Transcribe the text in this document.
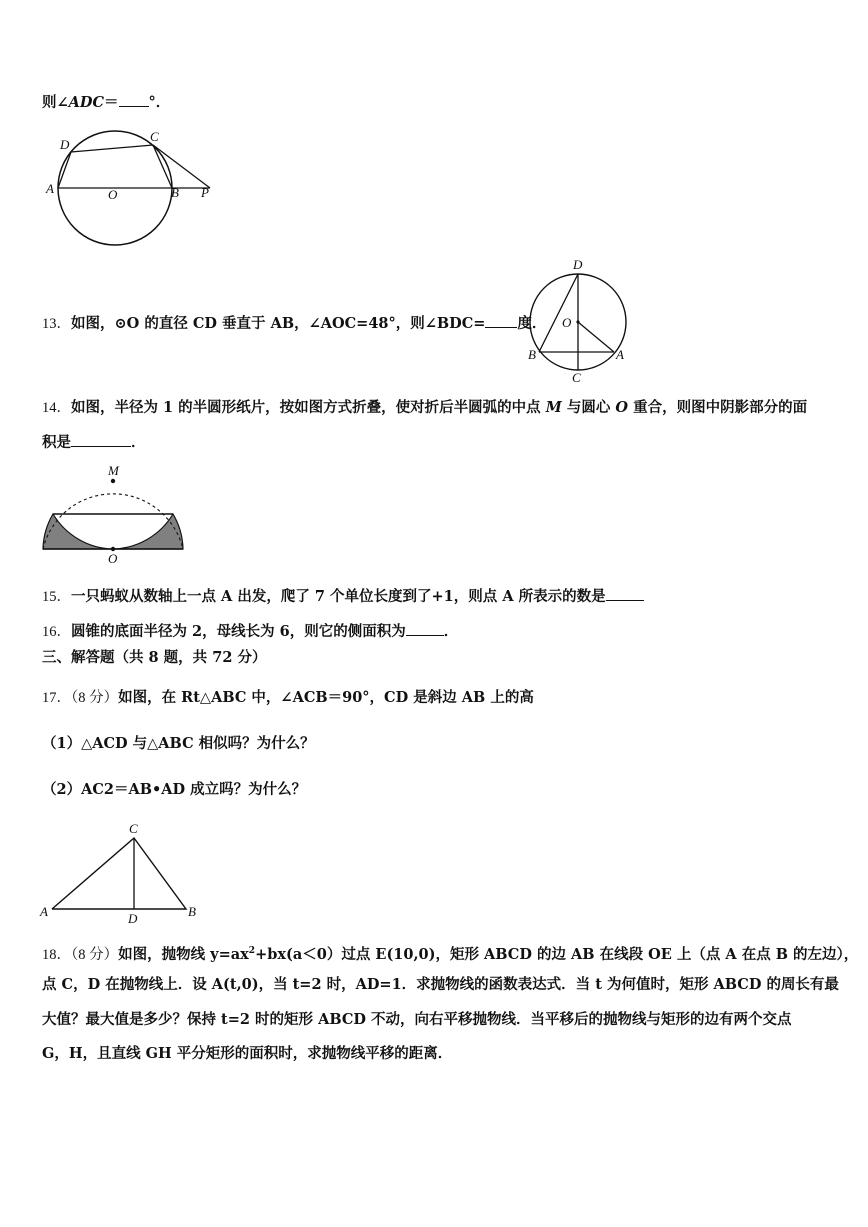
则∠ADC＝ °．
A
D
C
O	B P
13．如图，⊙O 的直径 CD 垂直于 AB，∠AOC=48°，则∠BDC= 度．
D
O
B	A
C
14．如图，半径为 1 的半圆形纸片，按如图方式折叠，使对折后半圆弧的中点 M 与圆心 O 重合，则图中阴影部分的面
积是	．
M
O
15．一只蚂蚁从数轴上一点 A 出发，爬了 7 个单位长度到了+1，则点 A 所表示的数是
16．圆锥的底面半径为 2，母线长为 6，则它的侧面积为	．
三、解答题（共 8 题，共 72 分）
17．（8 分）如图，在 Rt△ABC 中，∠ACB＝90°，CD 是斜边 AB 上的高
（1）△ACD 与△ABC 相似吗？为什么？
（2）AC2＝AB•AD 成立吗？为什么？
C
A	D	B
18．（8 分）如图，抛物线 $y=ax^2+bx(a<0)$过点 E(10,0)，矩形 ABCD 的边 AB 在线段 OE 上（点 A 在点 B 的左边），
点 C，D 在抛物线上．设 A(t,0)，当 t=2 时，AD=1．求抛物线的函数表达式．当 t 为何值时，矩形 ABCD 的周长有最
大值？最大值是多少？保持 t=2 时的矩形 ABCD 不动，向右平移抛物线．当平移后的抛物线与矩形的边有两个交点
G，H，且直线 GH 平分矩形的面积时，求抛物线平移的距离．
